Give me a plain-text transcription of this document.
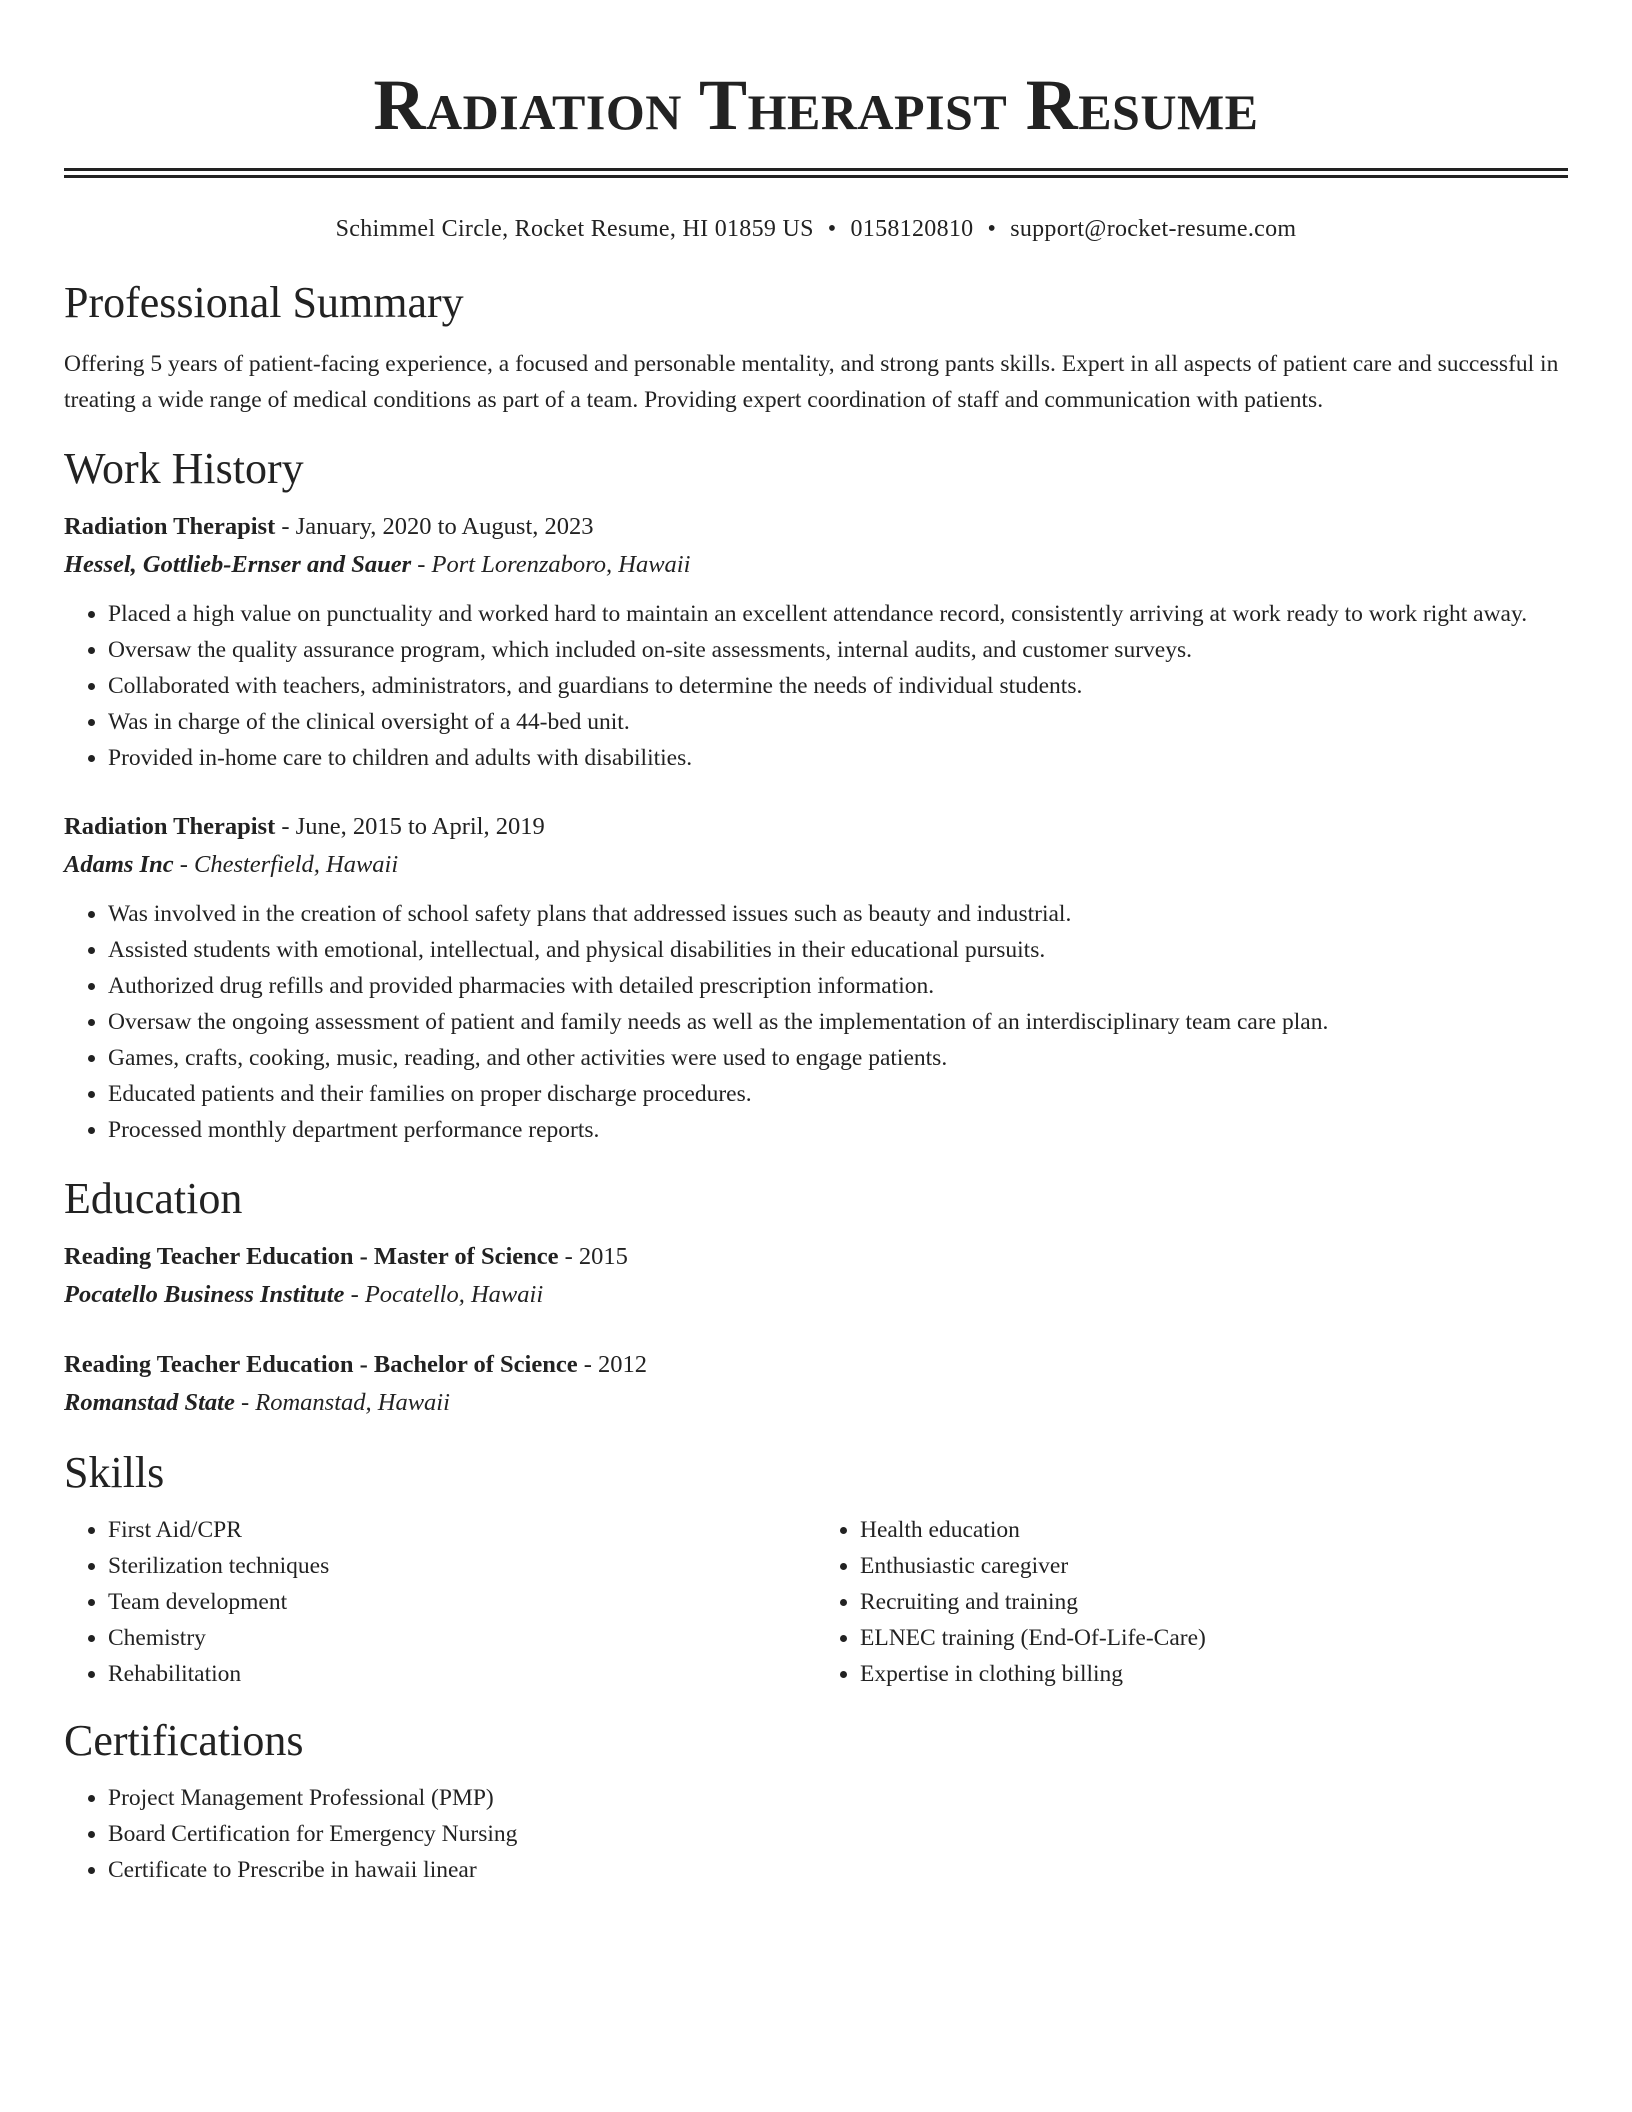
Radiation Therapist Resume
Schimmel Circle, Rocket Resume, HI 01859 US • 0158120810 • support@rocket-resume.com
Professional Summary

Offering 5 years of patient-facing experience, a focused and personable mentality, and strong pants skills. Expert in all aspects of patient care and successful in treating a wide range of medical conditions as part of a team. Providing expert coordination of staff and communication with patients.

Work History
Radiation Therapist - January, 2020 to August, 2023
Hessel, Gottlieb-Ernser and Sauer - Port Lorenzaboro, Hawaii
• Placed a high value on punctuality and worked hard to maintain an excellent attendance record, consistently arriving at work ready to work right away.
• Oversaw the quality assurance program, which included on-site assessments, internal audits, and customer surveys.
• Collaborated with teachers, administrators, and guardians to determine the needs of individual students.
• Was in charge of the clinical oversight of a 44-bed unit.
• Provided in-home care to children and adults with disabilities.
Radiation Therapist - June, 2015 to April, 2019
Adams Inc - Chesterfield, Hawaii
• Was involved in the creation of school safety plans that addressed issues such as beauty and industrial.
• Assisted students with emotional, intellectual, and physical disabilities in their educational pursuits.
• Authorized drug refills and provided pharmacies with detailed prescription information.
• Oversaw the ongoing assessment of patient and family needs as well as the implementation of an interdisciplinary team care plan.
• Games, crafts, cooking, music, reading, and other activities were used to engage patients.
• Educated patients and their families on proper discharge procedures.
• Processed monthly department performance reports.
Education
Reading Teacher Education - Master of Science - 2015
Pocatello Business Institute - Pocatello, Hawaii
Reading Teacher Education - Bachelor of Science - 2012
Romanstad State - Romanstad, Hawaii
Skills
• First Aid/CPR
• Sterilization techniques
• Team development
• Chemistry
• Rehabilitation
• Health education
• Enthusiastic caregiver
• Recruiting and training
• ELNEC training (End-Of-Life-Care)
• Expertise in clothing billing
Certifications
• Project Management Professional (PMP)
• Board Certification for Emergency Nursing
• Certificate to Prescribe in hawaii linear
